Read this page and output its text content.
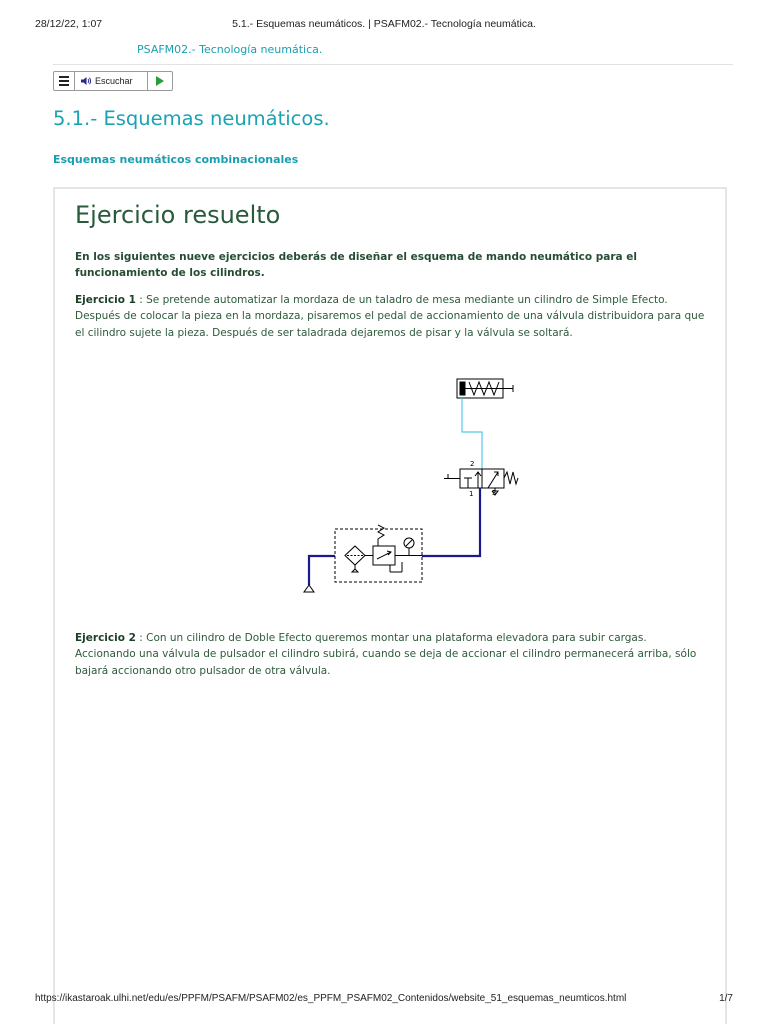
28/12/22, 1:07	5.1.- Esquemas neumáticos. | PSAFM02.- Tecnología neumática.
PSAFM02.- Tecnología neumática.
Escuchar
5.1.- Esquemas neumáticos.
Esquemas neumáticos combinacionales
Ejercicio resuelto

En los siguientes nueve ejercicios deberás de diseñar el esquema de mando neumático para el funcionamiento de los cilindros.

Ejercicio 1 : Se pretende automatizar la mordaza de un taladro de mesa mediante un cilindro de Simple Efecto. Después de colocar la pieza en la mordaza, pisaremos el pedal de accionamiento de una válvula distribuidora para que el cilindro sujete la pieza. Después de ser taladrada dejaremos de pisar y la válvula se soltará.

Ejercicio 2 : Con un cilindro de Doble Efecto queremos montar una plataforma elevadora para subir cargas. Accionando una válvula de pulsador el cilindro subirá, cuando se deja de accionar el cilindro permanecerá arriba, sólo bajará accionando otro pulsador de otra válvula.

2
1	3
https://ikastaroak.ulhi.net/edu/es/PPFM/PSAFM/PSAFM02/es_PPFM_PSAFM02_Contenidos/website_51_esquemas_neumticos.html	1/7
